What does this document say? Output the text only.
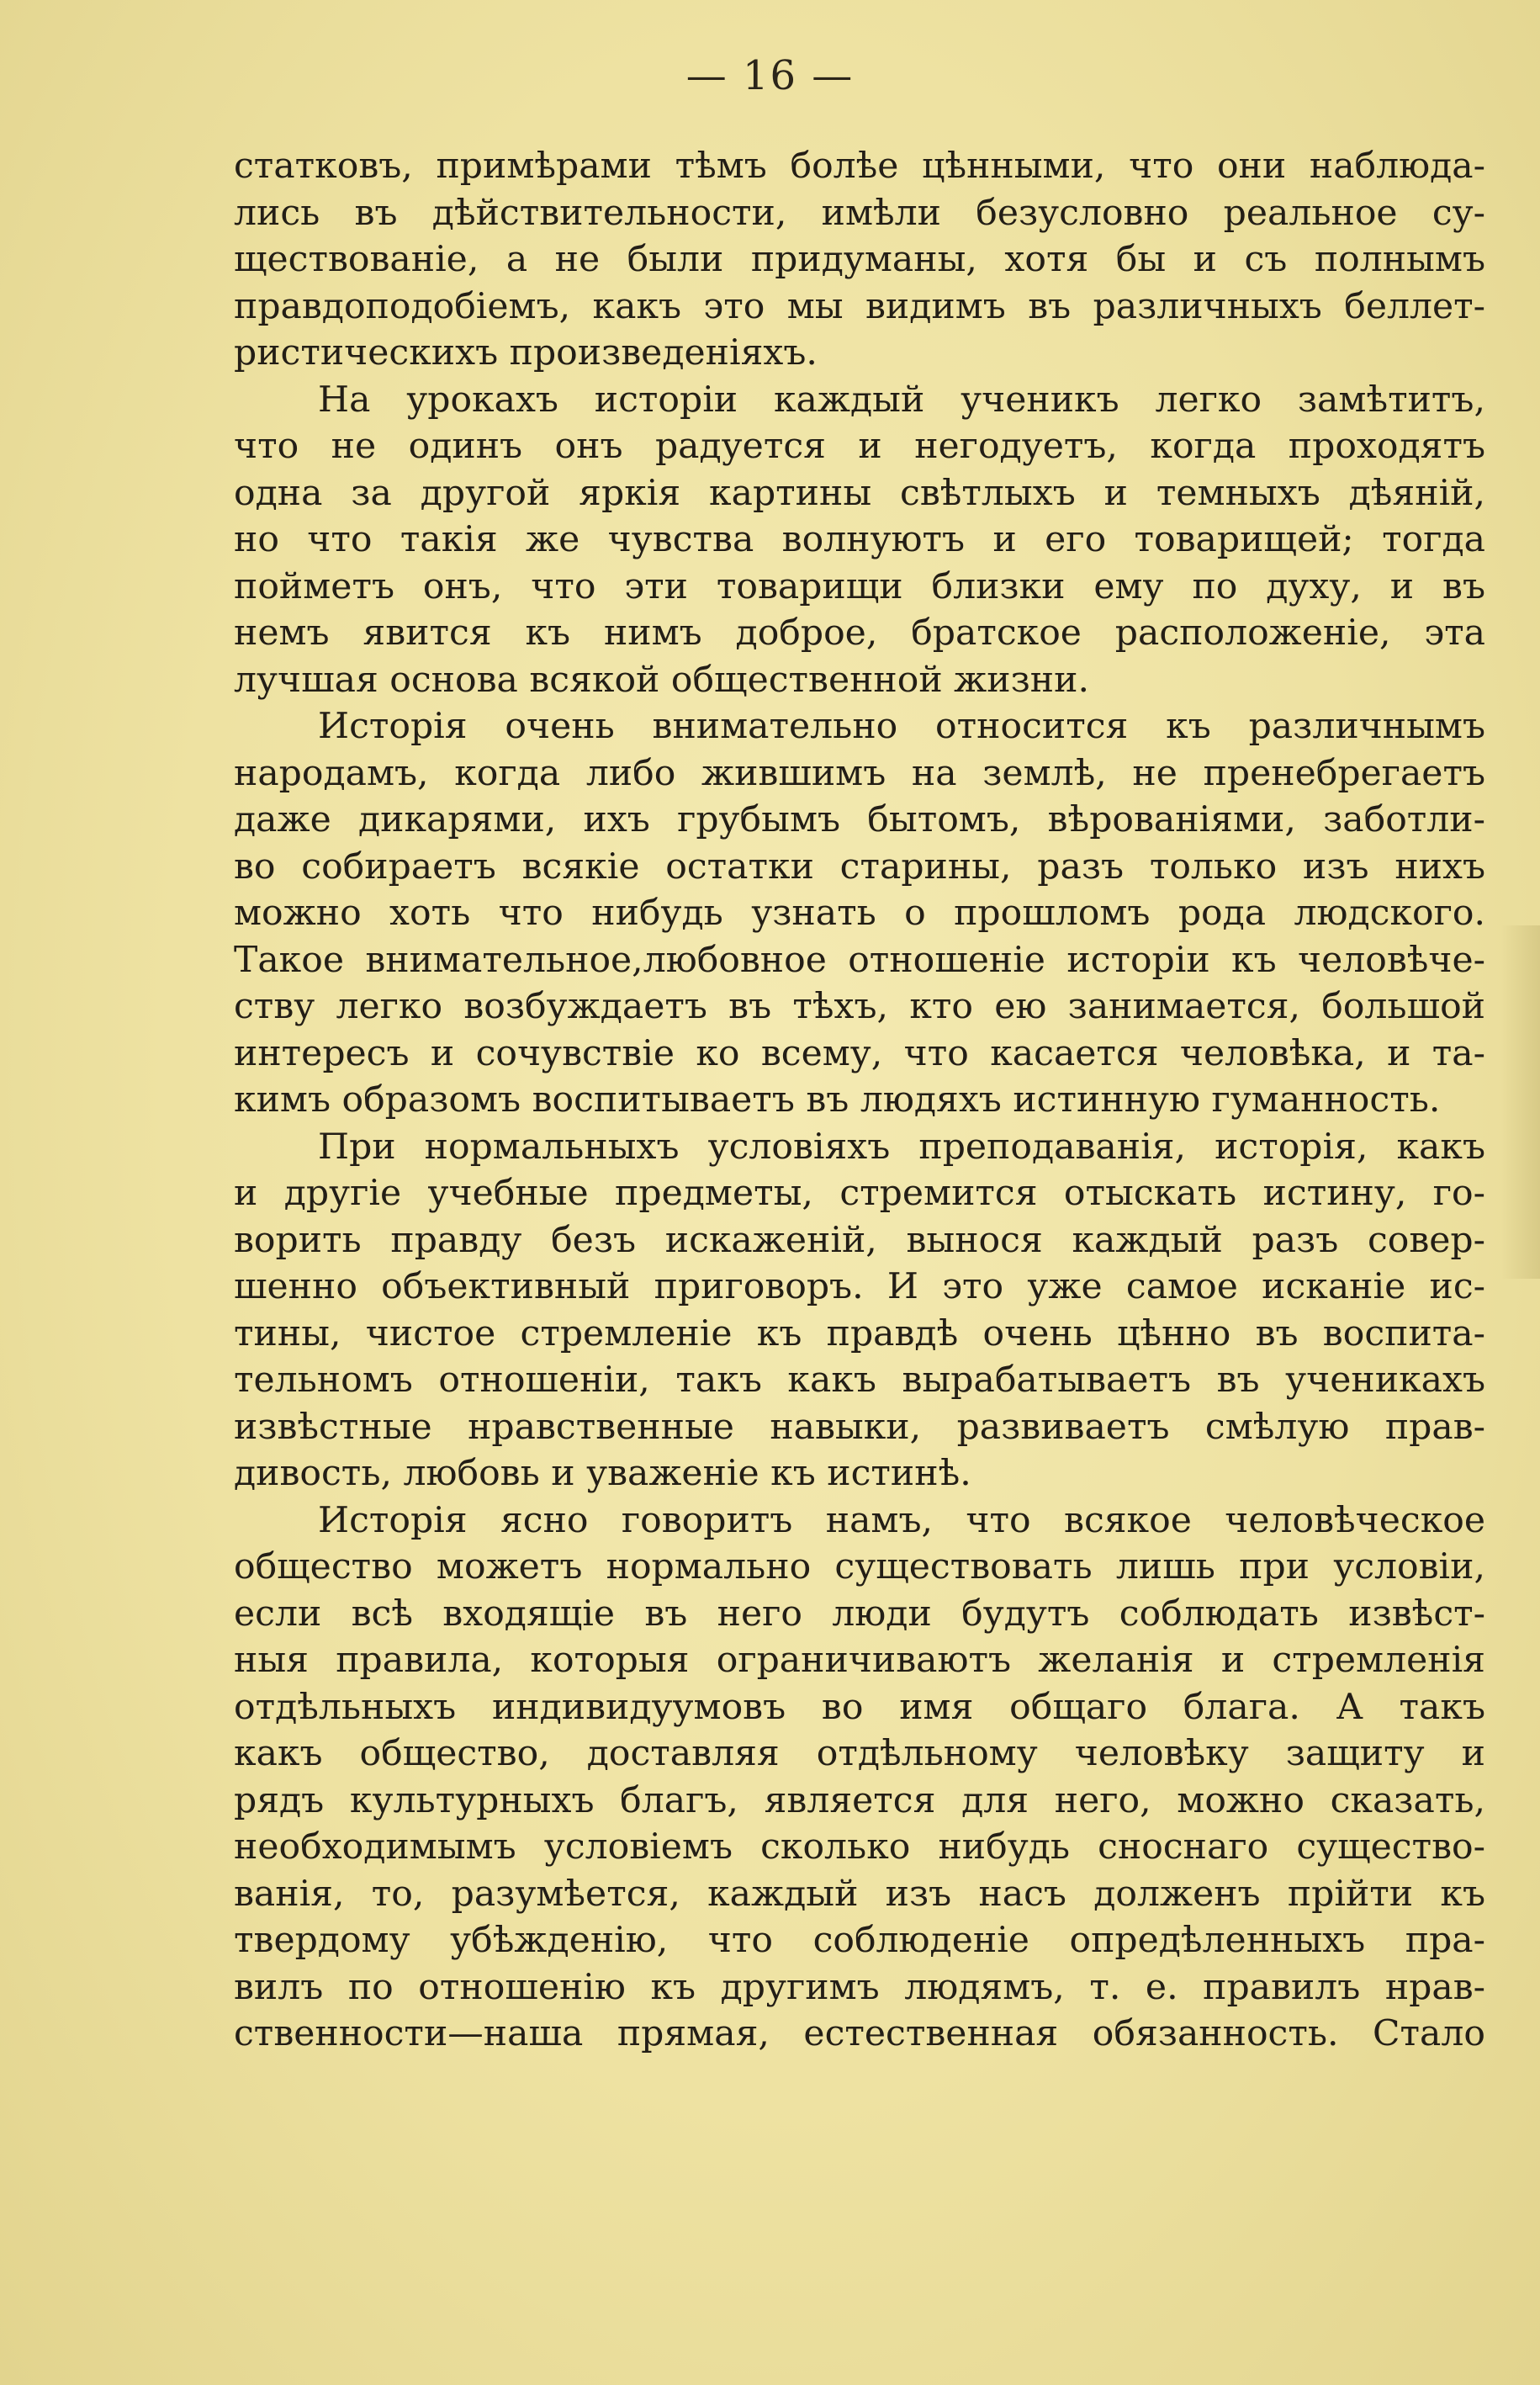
— 16 —
статковъ, примѣрами тѣмъ болѣе цѣнными, что они наблюда-
лись въ дѣйствительности, имѣли безусловно реальное су-
ществованіе, а не были придуманы, хотя бы и съ полнымъ
правдоподобіемъ, какъ это мы видимъ въ различныхъ беллет-
ристическихъ произведеніяхъ.
На урокахъ исторіи каждый ученикъ легко замѣтитъ,
что не одинъ онъ радуется и негодуетъ, когда проходятъ
одна за другой яркія картины свѣтлыхъ и темныхъ дѣяній,
но что такія же чувства волнуютъ и его товарищей; тогда
пойметъ онъ, что эти товарищи близки ему по духу, и въ
немъ явится къ нимъ доброе, братское расположеніе, эта
лучшая основа всякой общественной жизни.
Исторія очень внимательно относится къ различнымъ
народамъ, когда либо жившимъ на землѣ, не пренебрегаетъ
даже дикарями, ихъ грубымъ бытомъ, вѣрованіями, заботли-
во собираетъ всякіе остатки старины, разъ только изъ нихъ
можно хоть что нибудь узнать о прошломъ рода людского.
Такое внимательное,любовное отношеніе исторіи къ человѣче-
ству легко возбуждаетъ въ тѣхъ, кто ею занимается, большой
интересъ и сочувствіе ко всему, что касается человѣка, и та-
кимъ образомъ воспитываетъ въ людяхъ истинную гуманность.
При нормальныхъ условіяхъ преподаванія, исторія, какъ
и другіе учебные предметы, стремится отыскать истину, го-
ворить правду безъ искаженій, вынося каждый разъ совер-
шенно объективный приговоръ. И это уже самое исканіе ис-
тины, чистое стремленіе къ правдѣ очень цѣнно въ воспита-
тельномъ отношеніи, такъ какъ вырабатываетъ въ ученикахъ
извѣстные нравственные навыки, развиваетъ смѣлую прав-
дивость, любовь и уваженіе къ истинѣ.
Исторія ясно говоритъ намъ, что всякое человѣческое
общество можетъ нормально существовать лишь при условіи,
если всѣ входящіе въ него люди будутъ соблюдать извѣст-
ныя правила, которыя ограничиваютъ желанія и стремленія
отдѣльныхъ индивидуумовъ во имя общаго блага. А такъ
какъ общество, доставляя отдѣльному человѣку защиту и
рядъ культурныхъ благъ, является для него, можно сказать,
необходимымъ условіемъ сколько нибудь сноснаго существо-
ванія, то, разумѣется, каждый изъ насъ долженъ прійти къ
твердому убѣжденію, что соблюденіе опредѣленныхъ пра-
вилъ по отношенію къ другимъ людямъ, т. е. правилъ нрав-
ственности—наша прямая, естественная обязанность. Стало
